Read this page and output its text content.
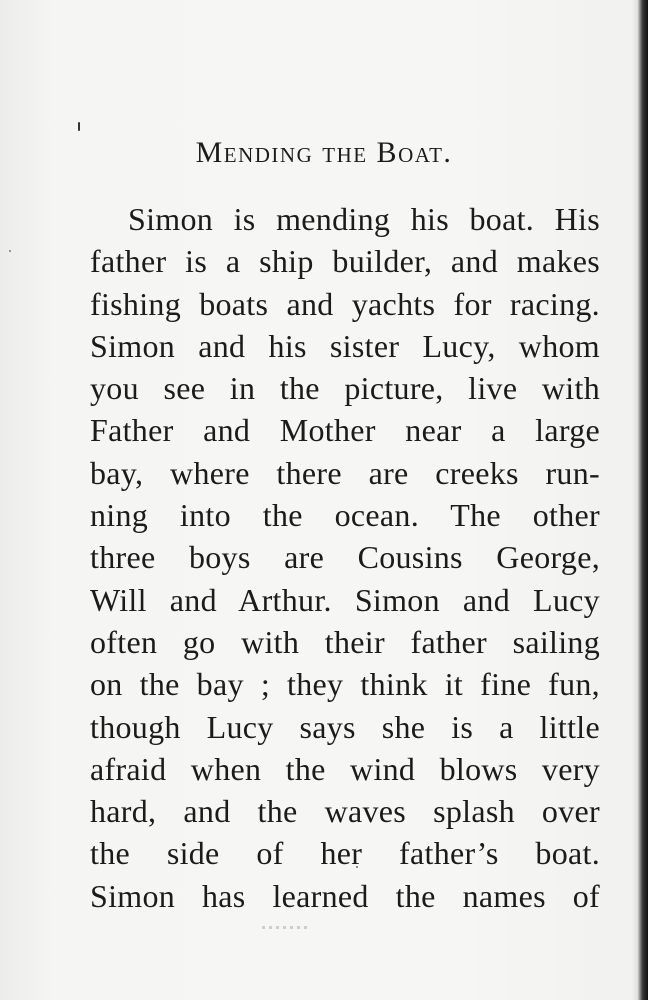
Mending the Boat.
Simon is mending his boat. His
father is a ship builder, and makes
fishing boats and yachts for racing.
Simon and his sister Lucy, whom
you see in the picture, live with
Father and Mother near a large
bay, where there are creeks run-
ning into the ocean. The other
three boys are Cousins George,
Will and Arthur. Simon and Lucy
often go with their father sailing
on the bay ; they think it fine fun,
though Lucy says she is a little
afraid when the wind blows very
hard, and the waves splash over
the side of her father’s boat.
Simon has learned the names of
